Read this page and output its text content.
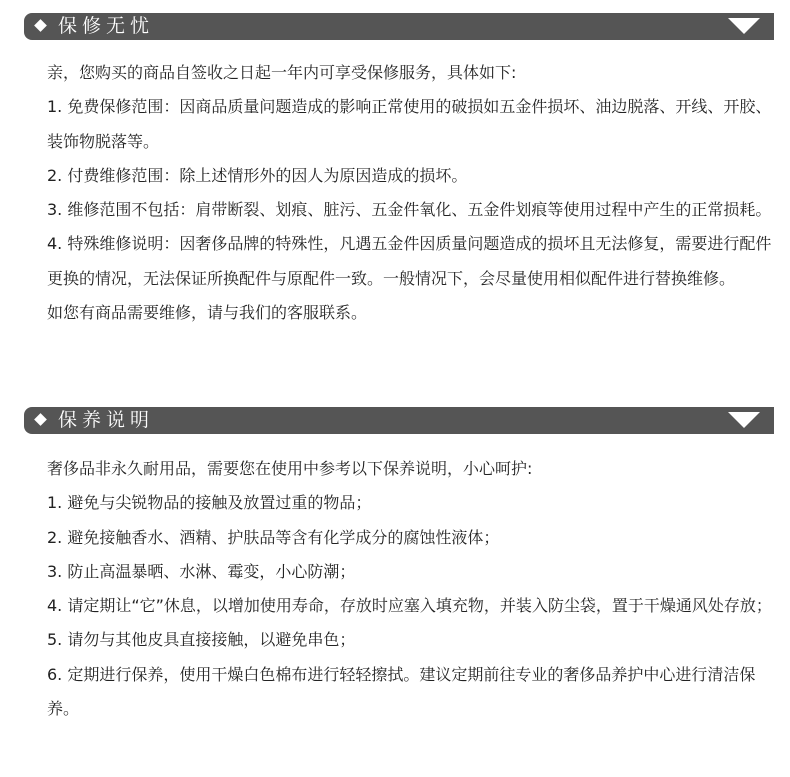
保修无忧

亲，您购买的商品自签收之日起一年内可享受保修服务，具体如下:

1. 免费保修范围：因商品质量问题造成的影响正常使用的破损如五金件损坏、油边脱落、开线、开胶、装饰物脱落等。

2. 付费维修范围：除上述情形外的因人为原因造成的损坏。

3. 维修范围不包括：肩带断裂、划痕、脏污、五金件氧化、五金件划痕等使用过程中产生的正常损耗。

4. 特殊维修说明：因奢侈品牌的特殊性，凡遇五金件因质量问题造成的损坏且无法修复，需要进行配件更换的情况，无法保证所换配件与原配件一致。一般情况下，会尽量使用相似配件进行替换维修。

如您有商品需要维修，请与我们的客服联系。

保养说明

奢侈品非永久耐用品，需要您在使用中参考以下保养说明，小心呵护:

1. 避免与尖锐物品的接触及放置过重的物品；

2. 避免接触香水、酒精、护肤品等含有化学成分的腐蚀性液体；

3. 防止高温暴晒、水淋、霉变，小心防潮；

4. 请定期让“它”休息，以增加使用寿命，存放时应塞入填充物，并装入防尘袋，置于干燥通风处存放；

5. 请勿与其他皮具直接接触，以避免串色；

6. 定期进行保养，使用干燥白色棉布进行轻轻擦拭。建议定期前往专业的奢侈品养护中心进行清洁保养。
